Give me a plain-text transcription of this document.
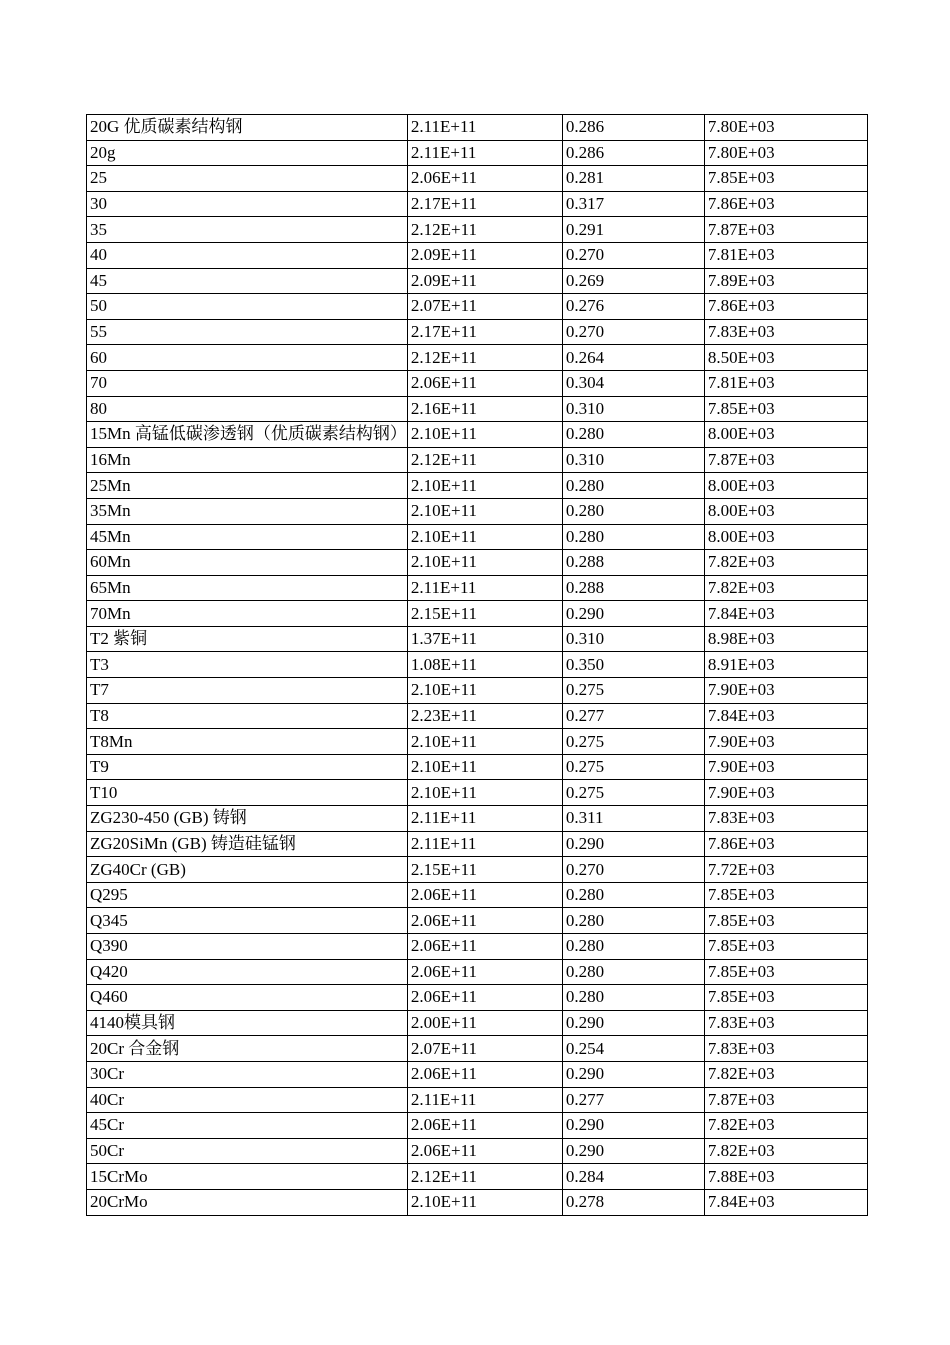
20G 优质碳素结构钢	2.11E+11	0.286	7.80E+03
20g	2.11E+11	0.286	7.80E+03
25	2.06E+11	0.281	7.85E+03
30	2.17E+11	0.317	7.86E+03
35	2.12E+11	0.291	7.87E+03
40	2.09E+11	0.270	7.81E+03
45	2.09E+11	0.269	7.89E+03
50	2.07E+11	0.276	7.86E+03
55	2.17E+11	0.270	7.83E+03
60	2.12E+11	0.264	8.50E+03
70	2.06E+11	0.304	7.81E+03
80	2.16E+11	0.310	7.85E+03
15Mn 高锰低碳渗透钢（优质碳素结构钢）	2.10E+11	0.280	8.00E+03
16Mn	2.12E+11	0.310	7.87E+03
25Mn	2.10E+11	0.280	8.00E+03
35Mn	2.10E+11	0.280	8.00E+03
45Mn	2.10E+11	0.280	8.00E+03
60Mn	2.10E+11	0.288	7.82E+03
65Mn	2.11E+11	0.288	7.82E+03
70Mn	2.15E+11	0.290	7.84E+03
T2 紫铜	1.37E+11	0.310	8.98E+03
T3	1.08E+11	0.350	8.91E+03
T7	2.10E+11	0.275	7.90E+03
T8	2.23E+11	0.277	7.84E+03
T8Mn	2.10E+11	0.275	7.90E+03
T9	2.10E+11	0.275	7.90E+03
T10	2.10E+11	0.275	7.90E+03
ZG230-450 (GB) 铸钢	2.11E+11	0.311	7.83E+03
ZG20SiMn (GB) 铸造硅锰钢	2.11E+11	0.290	7.86E+03
ZG40Cr (GB)	2.15E+11	0.270	7.72E+03
Q295	2.06E+11	0.280	7.85E+03
Q345	2.06E+11	0.280	7.85E+03
Q390	2.06E+11	0.280	7.85E+03
Q420	2.06E+11	0.280	7.85E+03
Q460	2.06E+11	0.280	7.85E+03
4140模具钢	2.00E+11	0.290	7.83E+03
20Cr 合金钢	2.07E+11	0.254	7.83E+03
30Cr	2.06E+11	0.290	7.82E+03
40Cr	2.11E+11	0.277	7.87E+03
45Cr	2.06E+11	0.290	7.82E+03
50Cr	2.06E+11	0.290	7.82E+03
15CrMo	2.12E+11	0.284	7.88E+03
20CrMo	2.10E+11	0.278	7.84E+03
